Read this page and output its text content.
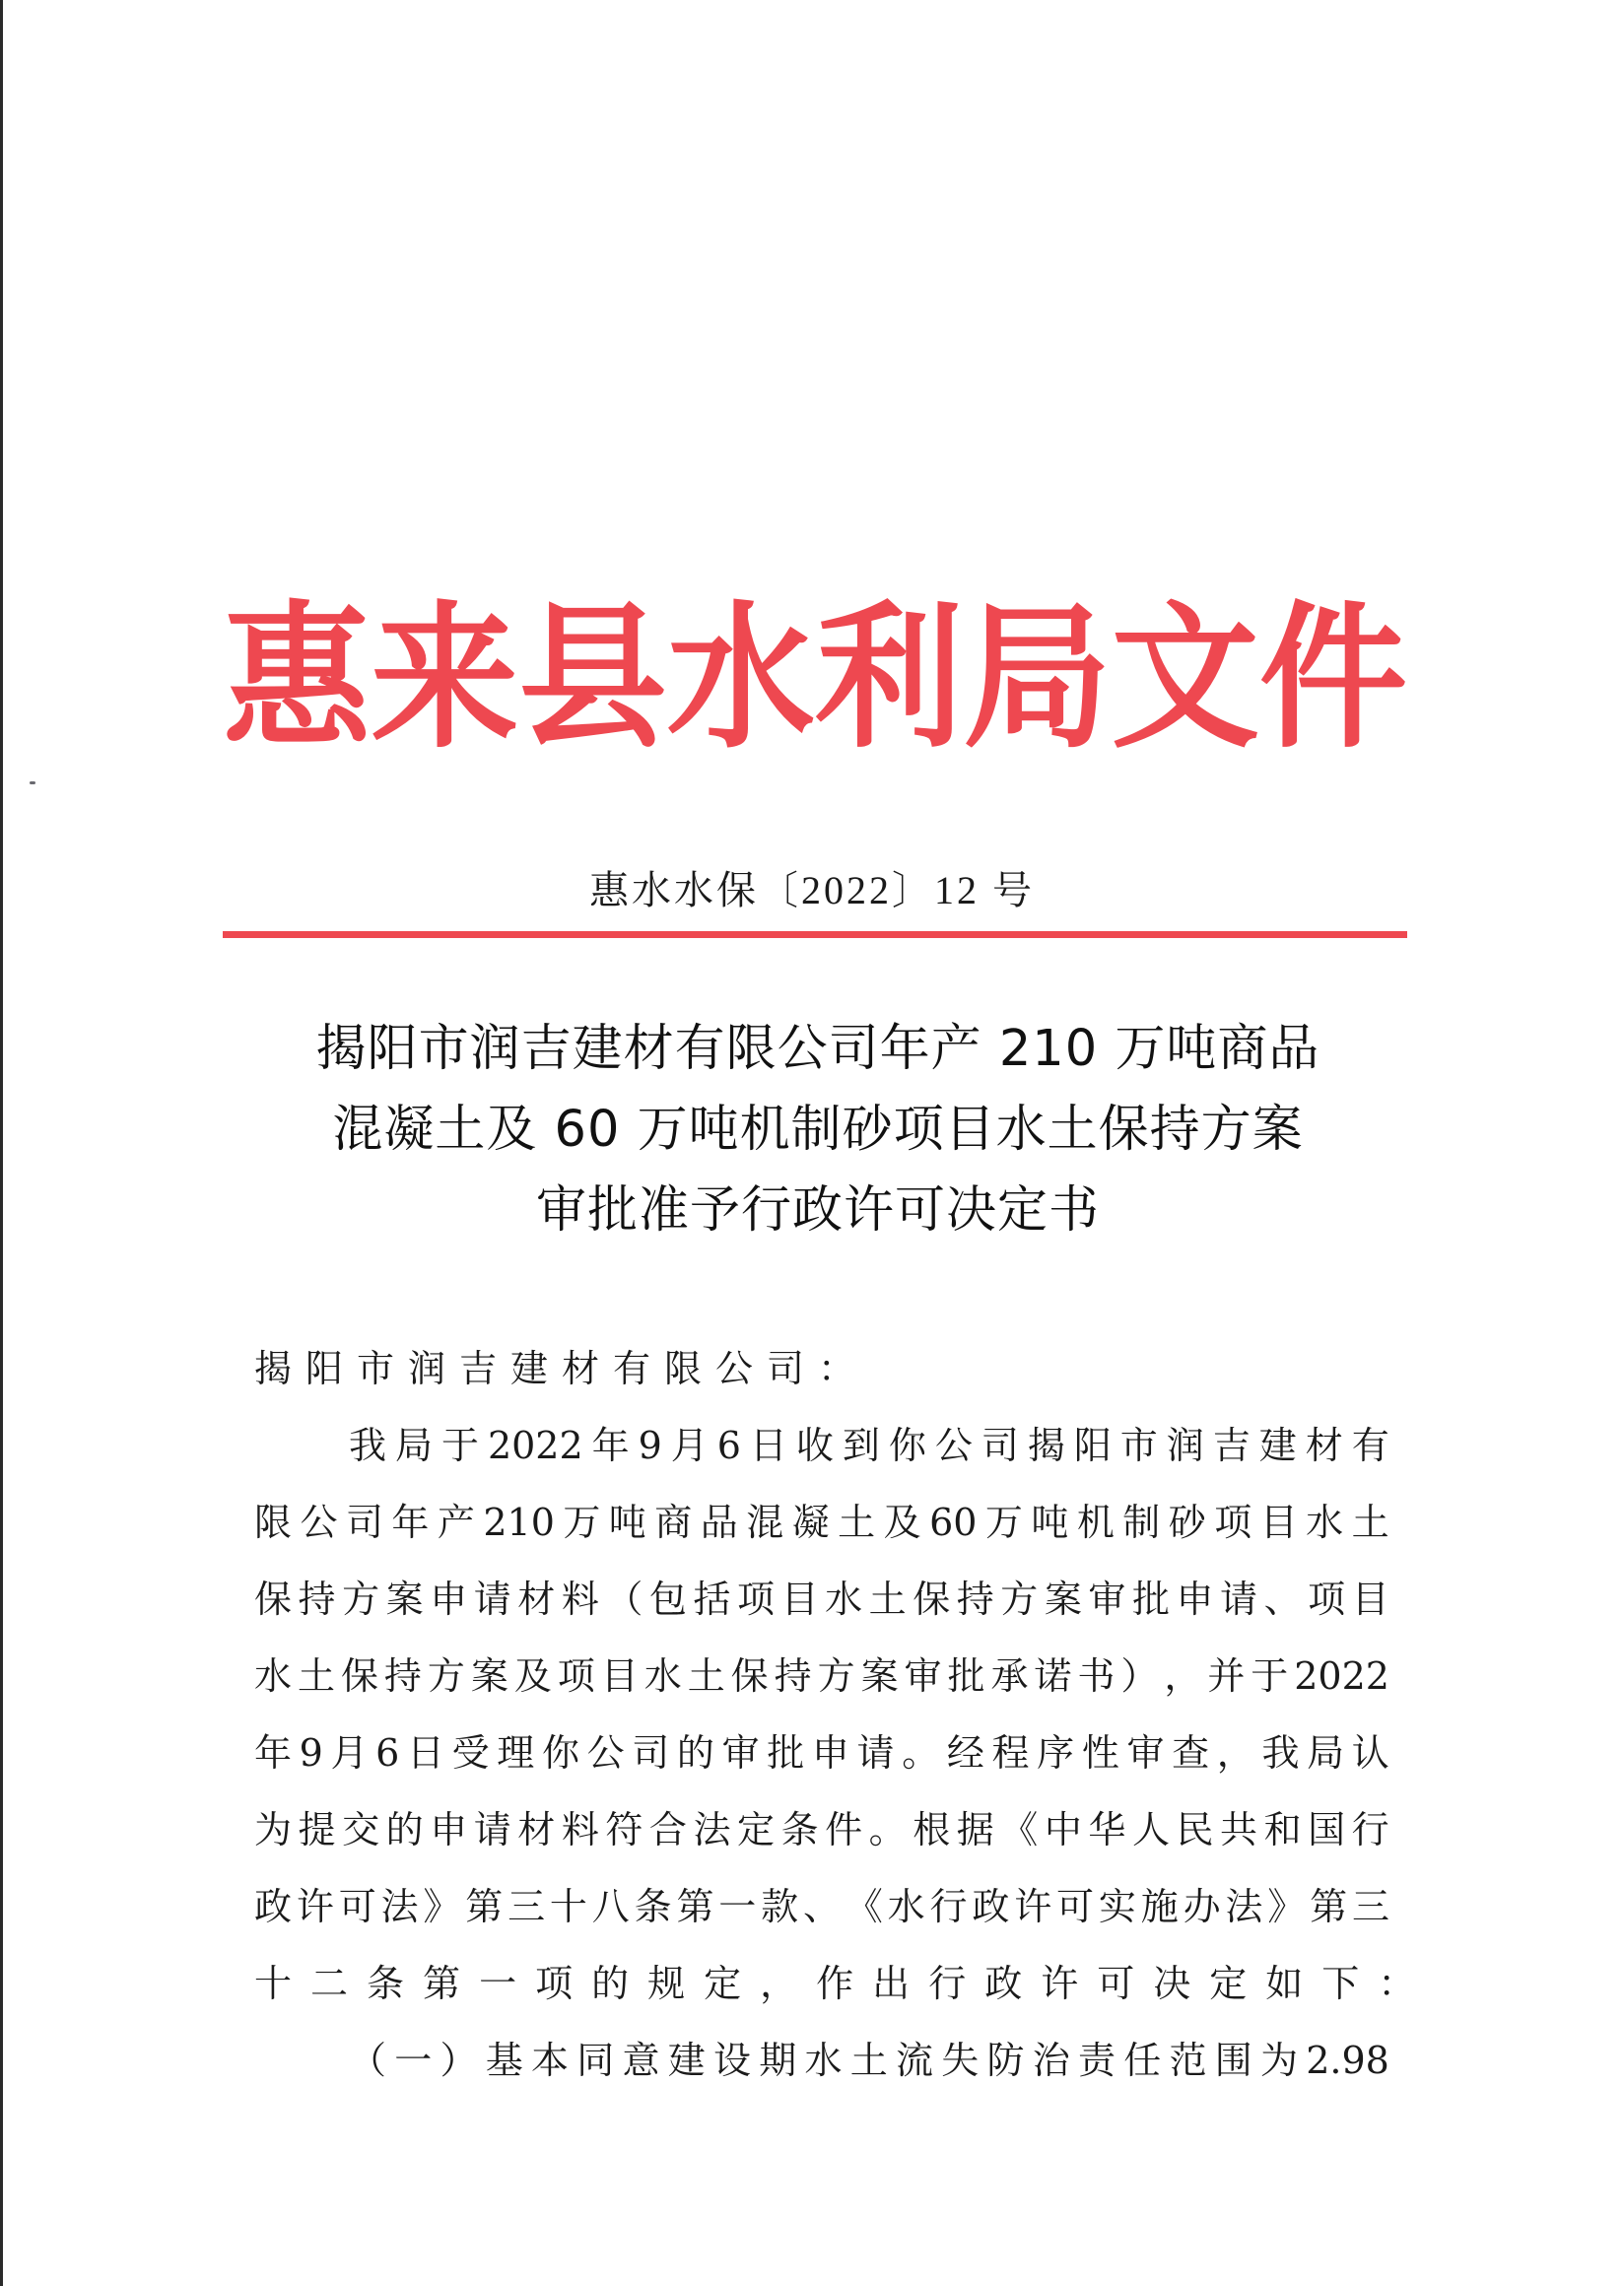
惠 来 县 水 利 局 文 件
惠水水保〔2022〕12 号
揭阳市润吉建材有限公司年产 210 万吨商品
混凝土及 60 万吨机制砂项目水土保持方案
审批准予行政许可决定书
揭阳市润吉建材有限公司：
我 局 于 2022 年 9 月 6 日 收 到 你 公 司 揭 阳 市 润 吉 建 材 有
限 公 司 年 产 210 万 吨 商 品 混 凝 土 及 60 万 吨 机 制 砂 项 目 水 土
保 持 方 案 申 请 材 料 （ 包 括 项 目 水 土 保 持 方 案 审 批 申 请 、 项 目
水 土 保 持 方 案 及 项 目 水 土 保 持 方 案 审 批 承 诺 书 ） ， 并 于 2022
年 9 月 6 日 受 理 你 公 司 的 审 批 申 请 。 经 程 序 性 审 查 ， 我 局 认
为 提 交 的 申 请 材 料 符 合 法 定 条 件 。 根 据 《 中 华 人 民 共 和 国 行
政 许 可 法 》 第 三 十 八 条 第 一 款 、 《 水 行 政 许 可 实 施 办 法 》 第 三
十 二 条 第 一 项 的 规 定 ， 作 出 行 政 许 可 决 定 如 下 ：
（ 一 ） 基 本 同 意 建 设 期 水 土 流 失 防 治 责 任 范 围 为 2.98
